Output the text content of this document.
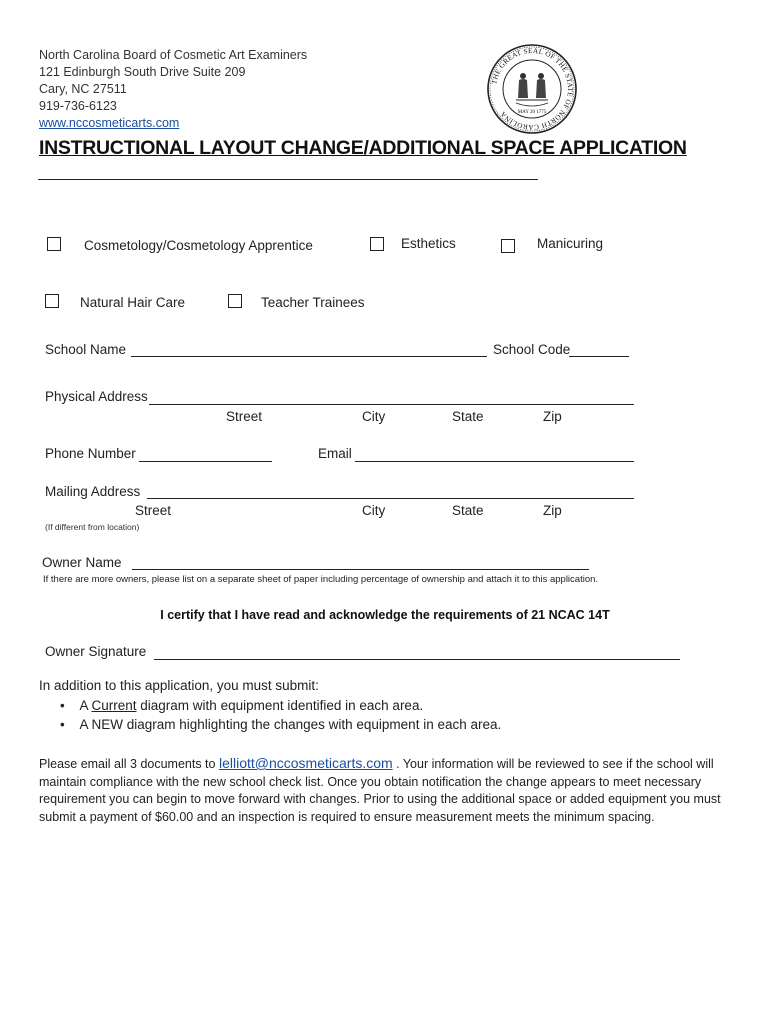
North Carolina Board of Cosmetic Art Examiners
121 Edinburgh South Drive Suite 209
Cary, NC 27511
919-736-6123
www.nccosmeticarts.com
THE GREAT SEAL OF THE STATE OF NORTH CAROLINA	MAY 20 1775
INSTRUCTIONAL LAYOUT CHANGE/ADDITIONAL SPACE APPLICATION
Cosmetology/Cosmetology Apprentice	Esthetics	Manicuring
Natural Hair Care	Teacher Trainees
School Name	School Code
Physical Address
Street	City	State	Zip
Phone Number	Email
Mailing Address
Street	City	State	Zip
(If different from location)
Owner Name
If there are more owners, please list on a separate sheet of paper including percentage of ownership and attach it to this application.
I certify that I have read and acknowledge the requirements of 21 NCAC 14T
Owner Signature
In addition to this application, you must submit:
• A Current diagram with equipment identified in each area.
• A NEW diagram highlighting the changes with equipment in each area.
Please email all 3 documents to lelliott@nccosmeticarts.com . Your information will be reviewed to see if the school will maintain compliance with the new school check list. Once you obtain notification the change appears to meet necessary requirement you can begin to move forward with changes. Prior to using the additional space or added equipment you must submit a payment of $60.00 and an inspection is required to ensure measurement meets the minimum spacing.
